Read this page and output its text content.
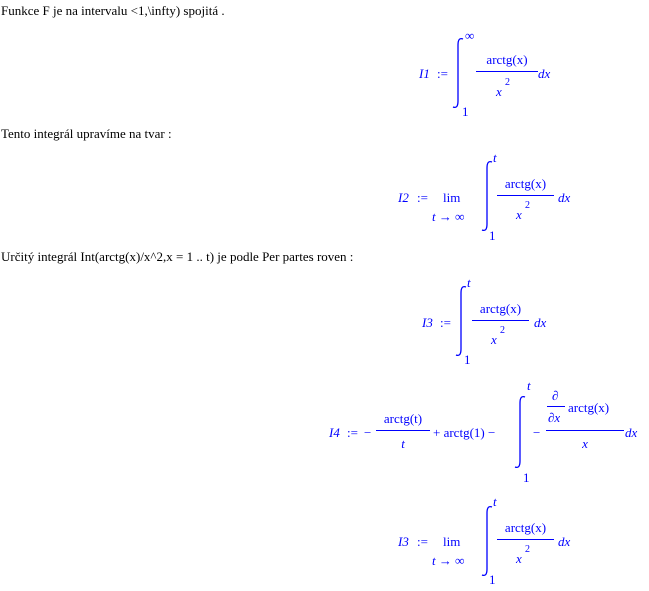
Funkce F je na intervalu <1,\infty) spojitá .
Tento integrál upravíme na tvar :
Určitý integrál Int(arctg(x)/x^2,x = 1 .. t) je podle Per partes roven :
I1 :=
∞
1
arctg(x)
x
2
dx
I2 := lim
t → ∞
t
1
arctg(x)
x
2
dx
I3 :=
t
1
arctg(x)
x
2
dx
I4 := −
arctg(t)
t
+ arctg(1) −
t
1
−
∂
∂x
arctg(x)
x
dx
I3 := lim
t → ∞
t
1
arctg(x)
x
2
dx
